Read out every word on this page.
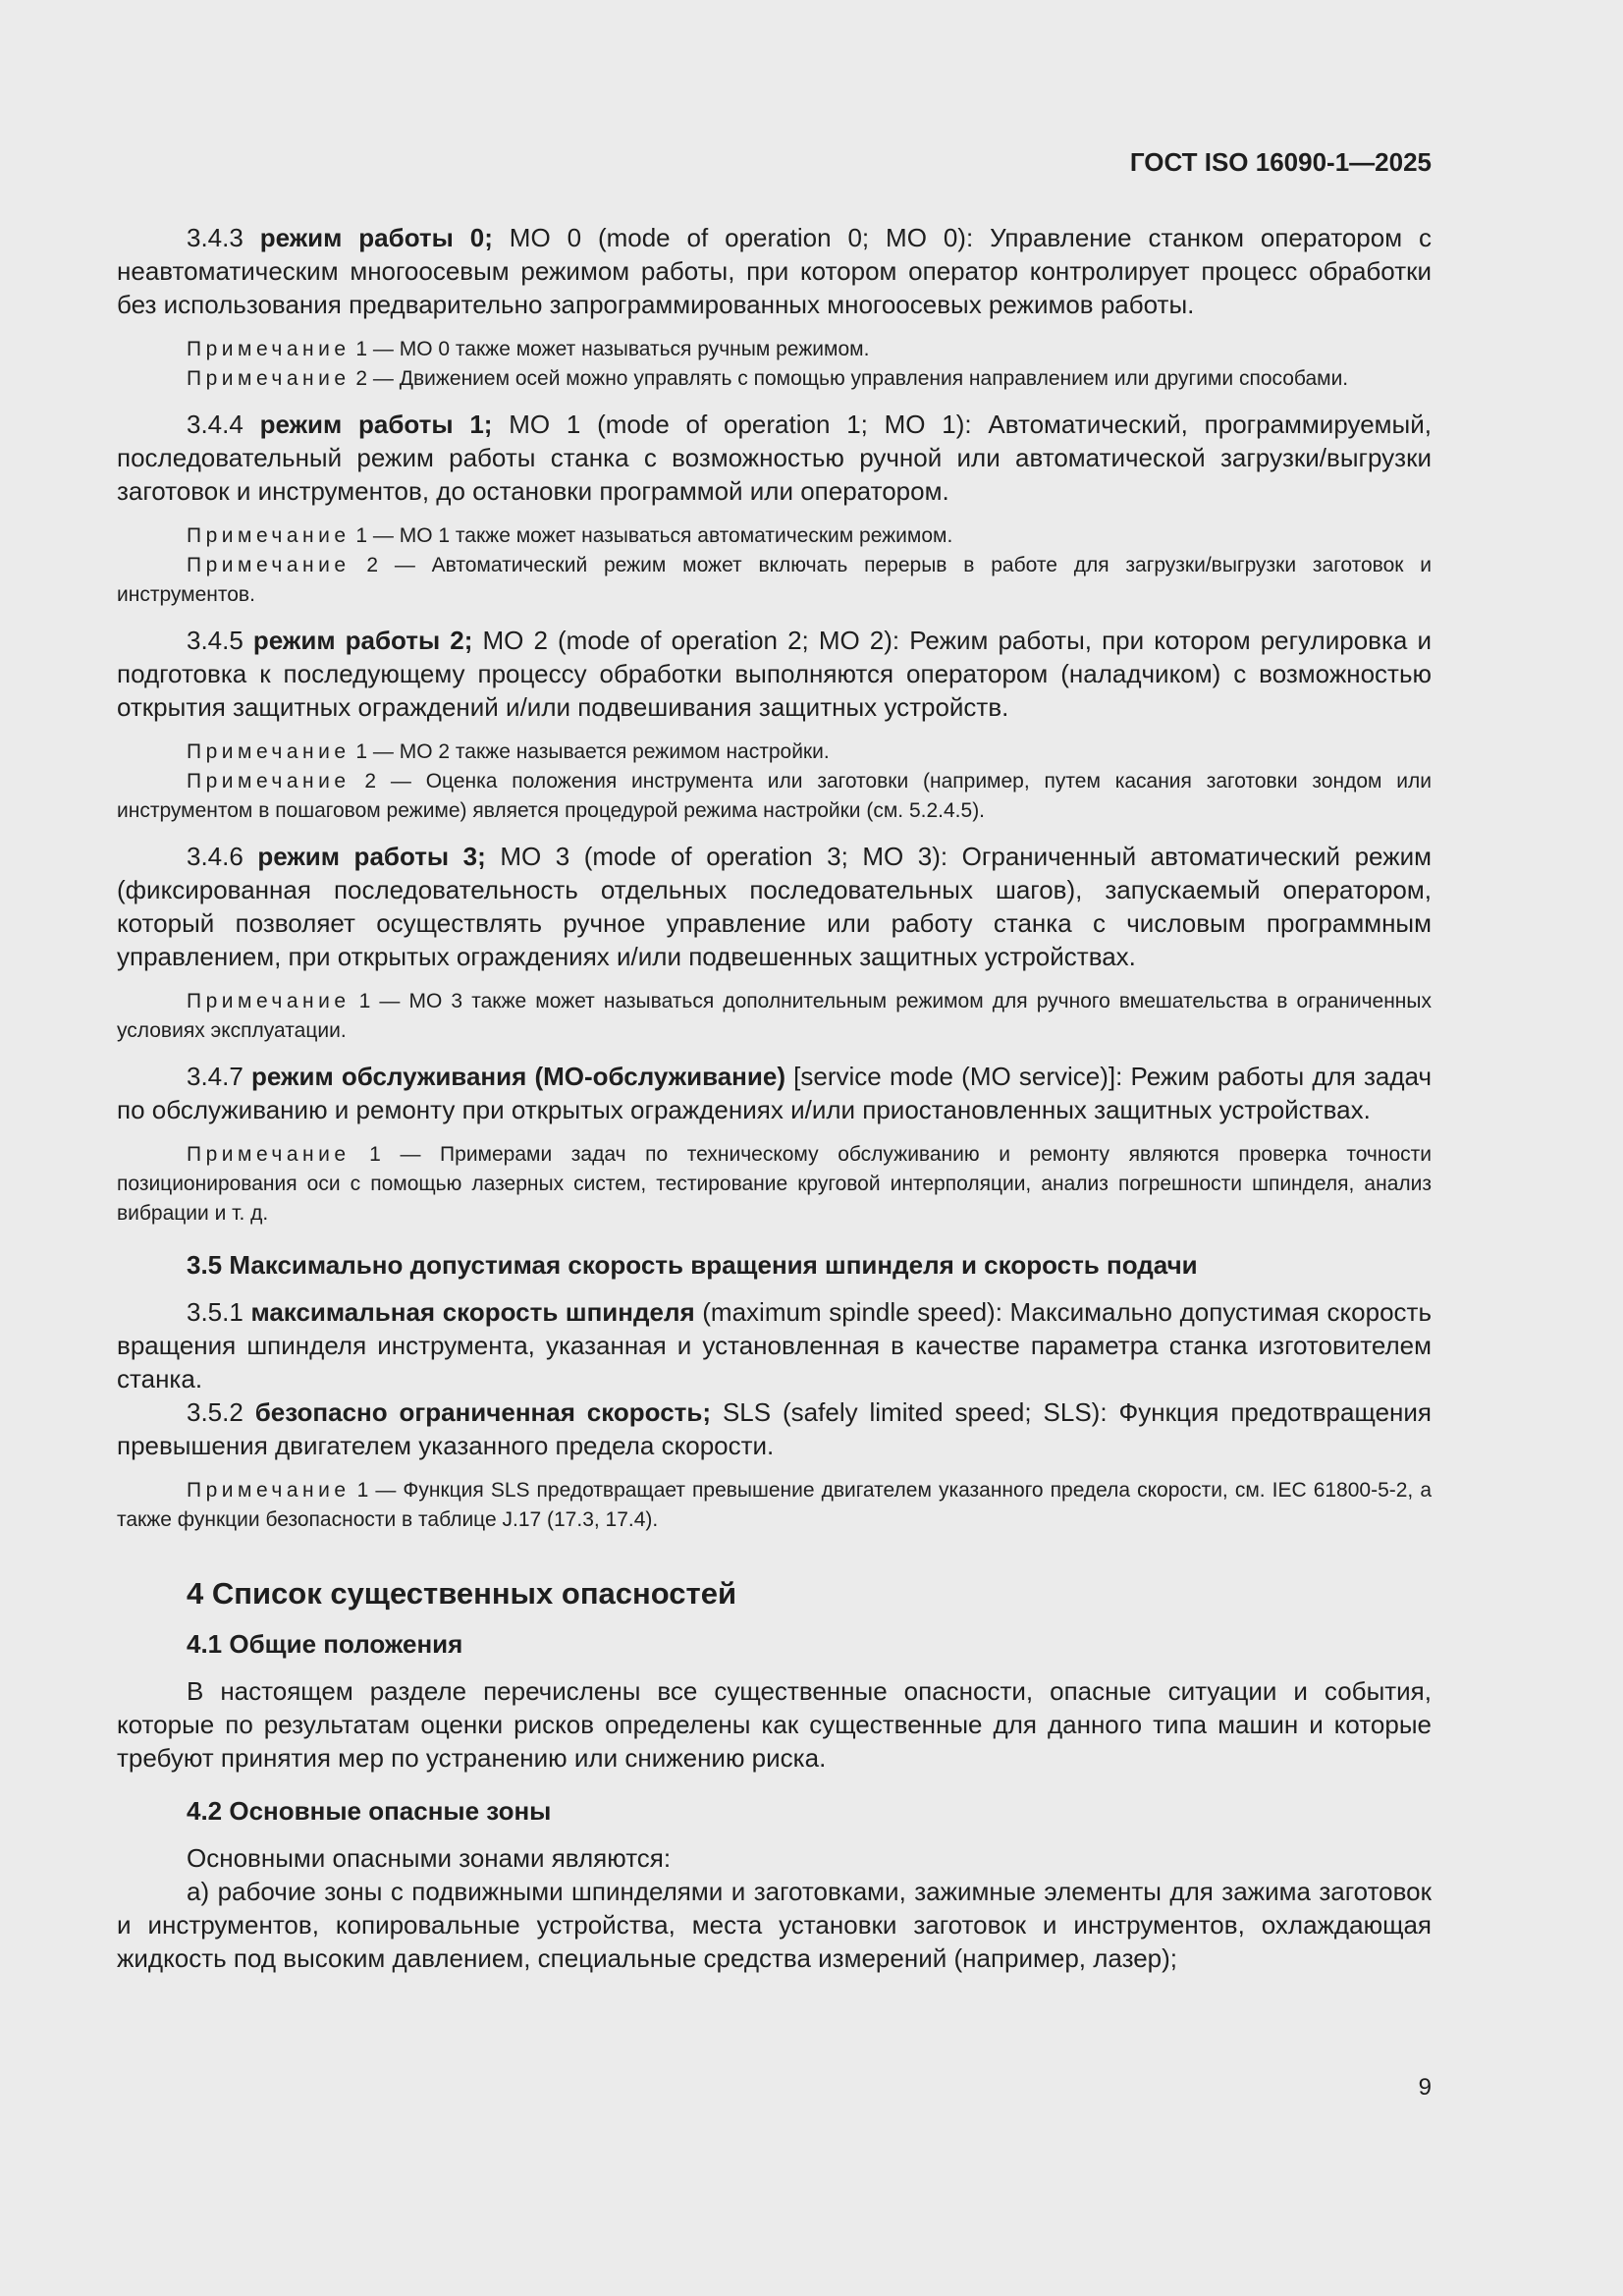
ГОСТ ISO 16090-1—2025

3.4.3 режим работы 0; МО 0 (mode of operation 0; МО 0): Управление станком оператором с неавтоматическим многоосевым режимом работы, при котором оператор контролирует процесс обработки без использования предварительно запрограммированных многоосевых режимов работы.

Примечание 1 — МО 0 также может называться ручным режимом.

Примечание 2 — Движением осей можно управлять с помощью управления направлением или другими способами.

3.4.4 режим работы 1; МО 1 (mode of operation 1; МО 1): Автоматический, программируемый, последовательный режим работы станка с возможностью ручной или автоматической загрузки/выгрузки заготовок и инструментов, до остановки программой или оператором.

Примечание 1 — МО 1 также может называться автоматическим режимом.

Примечание 2 — Автоматический режим может включать перерыв в работе для загрузки/выгрузки заготовок и инструментов.

3.4.5 режим работы 2; МО 2 (mode of operation 2; МО 2): Режим работы, при котором регулировка и подготовка к последующему процессу обработки выполняются оператором (наладчиком) с возможностью открытия защитных ограждений и/или подвешивания защитных устройств.

Примечание 1 — МО 2 также называется режимом настройки.

Примечание 2 — Оценка положения инструмента или заготовки (например, путем касания заготовки зондом или инструментом в пошаговом режиме) является процедурой режима настройки (см. 5.2.4.5).

3.4.6 режим работы 3; МО 3 (mode of operation 3; МО 3): Ограниченный автоматический режим (фиксированная последовательность отдельных последовательных шагов), запускаемый оператором, который позволяет осуществлять ручное управление или работу станка с числовым программным управлением, при открытых ограждениях и/или подвешенных защитных устройствах.

Примечание 1 — МО 3 также может называться дополнительным режимом для ручного вмешательства в ограниченных условиях эксплуатации.

3.4.7 режим обслуживания (МО-обслуживание) [service mode (МО service)]: Режим работы для задач по обслуживанию и ремонту при открытых ограждениях и/или приостановленных защитных устройствах.

Примечание 1 — Примерами задач по техническому обслуживанию и ремонту являются проверка точности позиционирования оси с помощью лазерных систем, тестирование круговой интерполяции, анализ погрешности шпинделя, анализ вибрации и т. д.

3.5 Максимально допустимая скорость вращения шпинделя и скорость подачи

3.5.1 максимальная скорость шпинделя (maximum spindle speed): Максимально допустимая скорость вращения шпинделя инструмента, указанная и установленная в качестве параметра станка изготовителем станка.

3.5.2 безопасно ограниченная скорость; SLS (safely limited speed; SLS): Функция предотвращения превышения двигателем указанного предела скорости.

Примечание 1 — Функция SLS предотвращает превышение двигателем указанного предела скорости, см. IEC 61800-5-2, а также функции безопасности в таблице J.17 (17.3, 17.4).

4 Список существенных опасностей

4.1 Общие положения

В настоящем разделе перечислены все существенные опасности, опасные ситуации и события, которые по результатам оценки рисков определены как существенные для данного типа машин и которые требуют принятия мер по устранению или снижению риска.

4.2 Основные опасные зоны

Основными опасными зонами являются:

a) рабочие зоны с подвижными шпинделями и заготовками, зажимные элементы для зажима заготовок и инструментов, копировальные устройства, места установки заготовок и инструментов, охлаждающая жидкость под высоким давлением, специальные средства измерений (например, лазер);

9
